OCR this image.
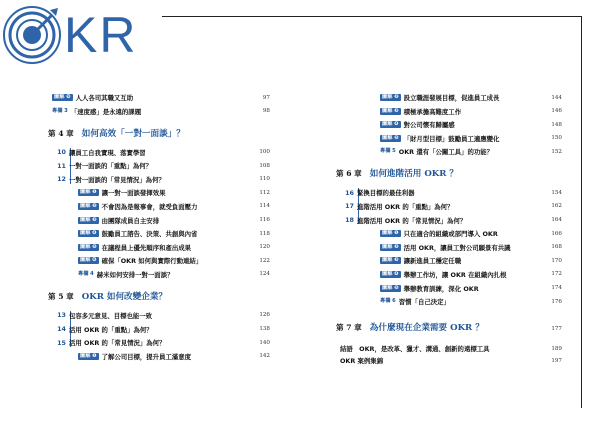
KR
圖解 ❾ 人人各司其職又互助	97
專欄 3 「速度感」是永遠的課題	98
第 4 章 如何高效「一對一面談」？
10 讓員工自我實現、落實學習	100
11 一對一面談的「重點」為何？	108
12 一對一面談的「常見情況」為何？	110
圖解 ❶ 讓一對一面談發揮效果	112
圖解 ❷ 不會因為是報事會，就受負面壓力	114
圖解 ❸ 由團隊成員自主安排	116
圖解 ❹ 鼓勵員工諮告、決策、共創與內省	118
圖解 ❺ 在議程員上優先順序和產出成果	120
圖解 ❻ 確保「OKR 如何與實際行動連結」	122
專欄 4 赫米如何安排一對一面談？	124
第 5 章 OKR 如何改變企業？
13 包容多元意見、目標也能一致	126
14 活用 OKR 的「重點」為何？	138
15 活用 OKR 的「常見情況」為何？	140
圖解 ❶ 了解公司目標，提升員工滿意度	142
圖解 ❷ 設立職涯發展目標，促進員工成長	144
圖解 ❸ 積極承擔高難度工作	146
圖解 ❹ 對公司懷有歸屬感	148
圖解 ❺ 「財月型目標」鼓勵員工適應變化	150
專欄 5 OKR 還有「公關工具」的功能？	152
第 6 章 如何進階活用 OKR ？
16 緊換目標的最佳利器	154
17 進階活用 OKR 的「重點」為何？	162
18 進階活用 OKR 的「常見情況」為何？	164
圖解 ❶ 只在適合的組織或部門導入 OKR	166
圖解 ❷ 活用 OKR，讓員工對公司願景有共識	168
圖解 ❸ 讓新進員工穩定任職	170
圖解 ❹ 舉辦工作坊，讓 OKR 在組織內扎根	172
圖解 ❺ 舉辦教育訓練，深化 OKR	174
專欄 6 習慣「自己決定」	176
第 7 章 為什麼現在企業需要 OKR ？	177
結語　OKR，是改革、獵才、溝通、創新的遠標工具	189
OKR 案例集錦	197
